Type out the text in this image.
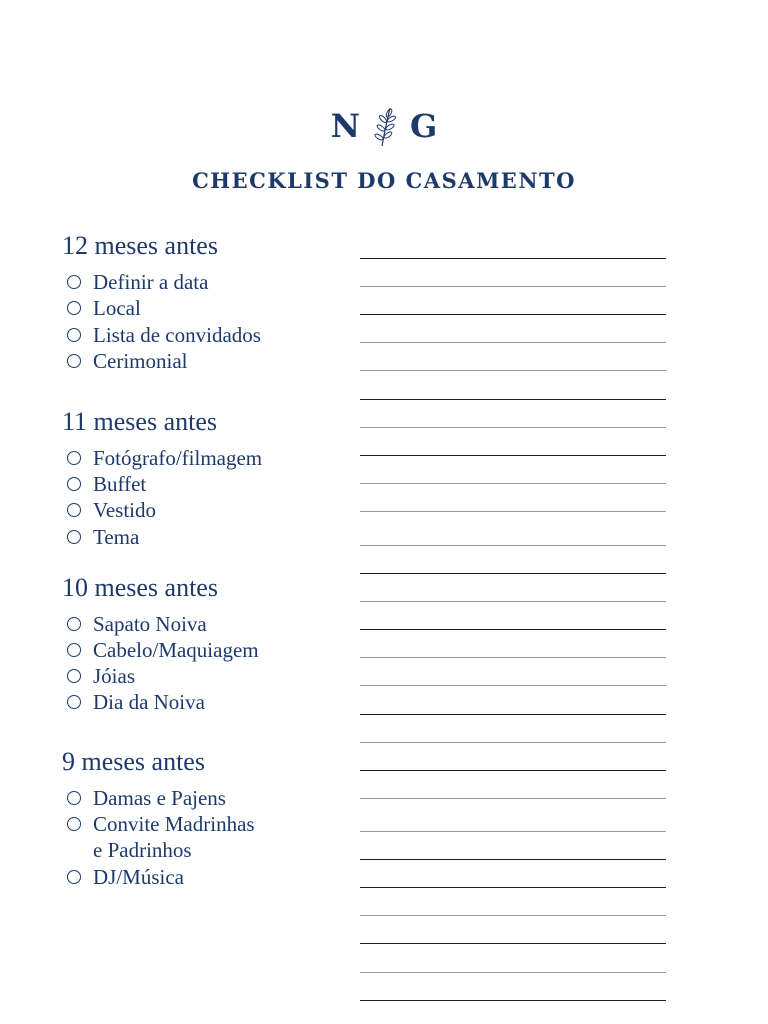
N G
CHECKLIST DO CASAMENTO
12 meses antes
Definir a data
Local
Lista de convidados
Cerimonial
11 meses antes
Fotógrafo/filmagem
Buffet
Vestido
Tema
10 meses antes
Sapato Noiva
Cabelo/Maquiagem
Jóias
Dia da Noiva
9 meses antes
Damas e Pajens
Convite Madrinhas
e Padrinhos
DJ/Música
